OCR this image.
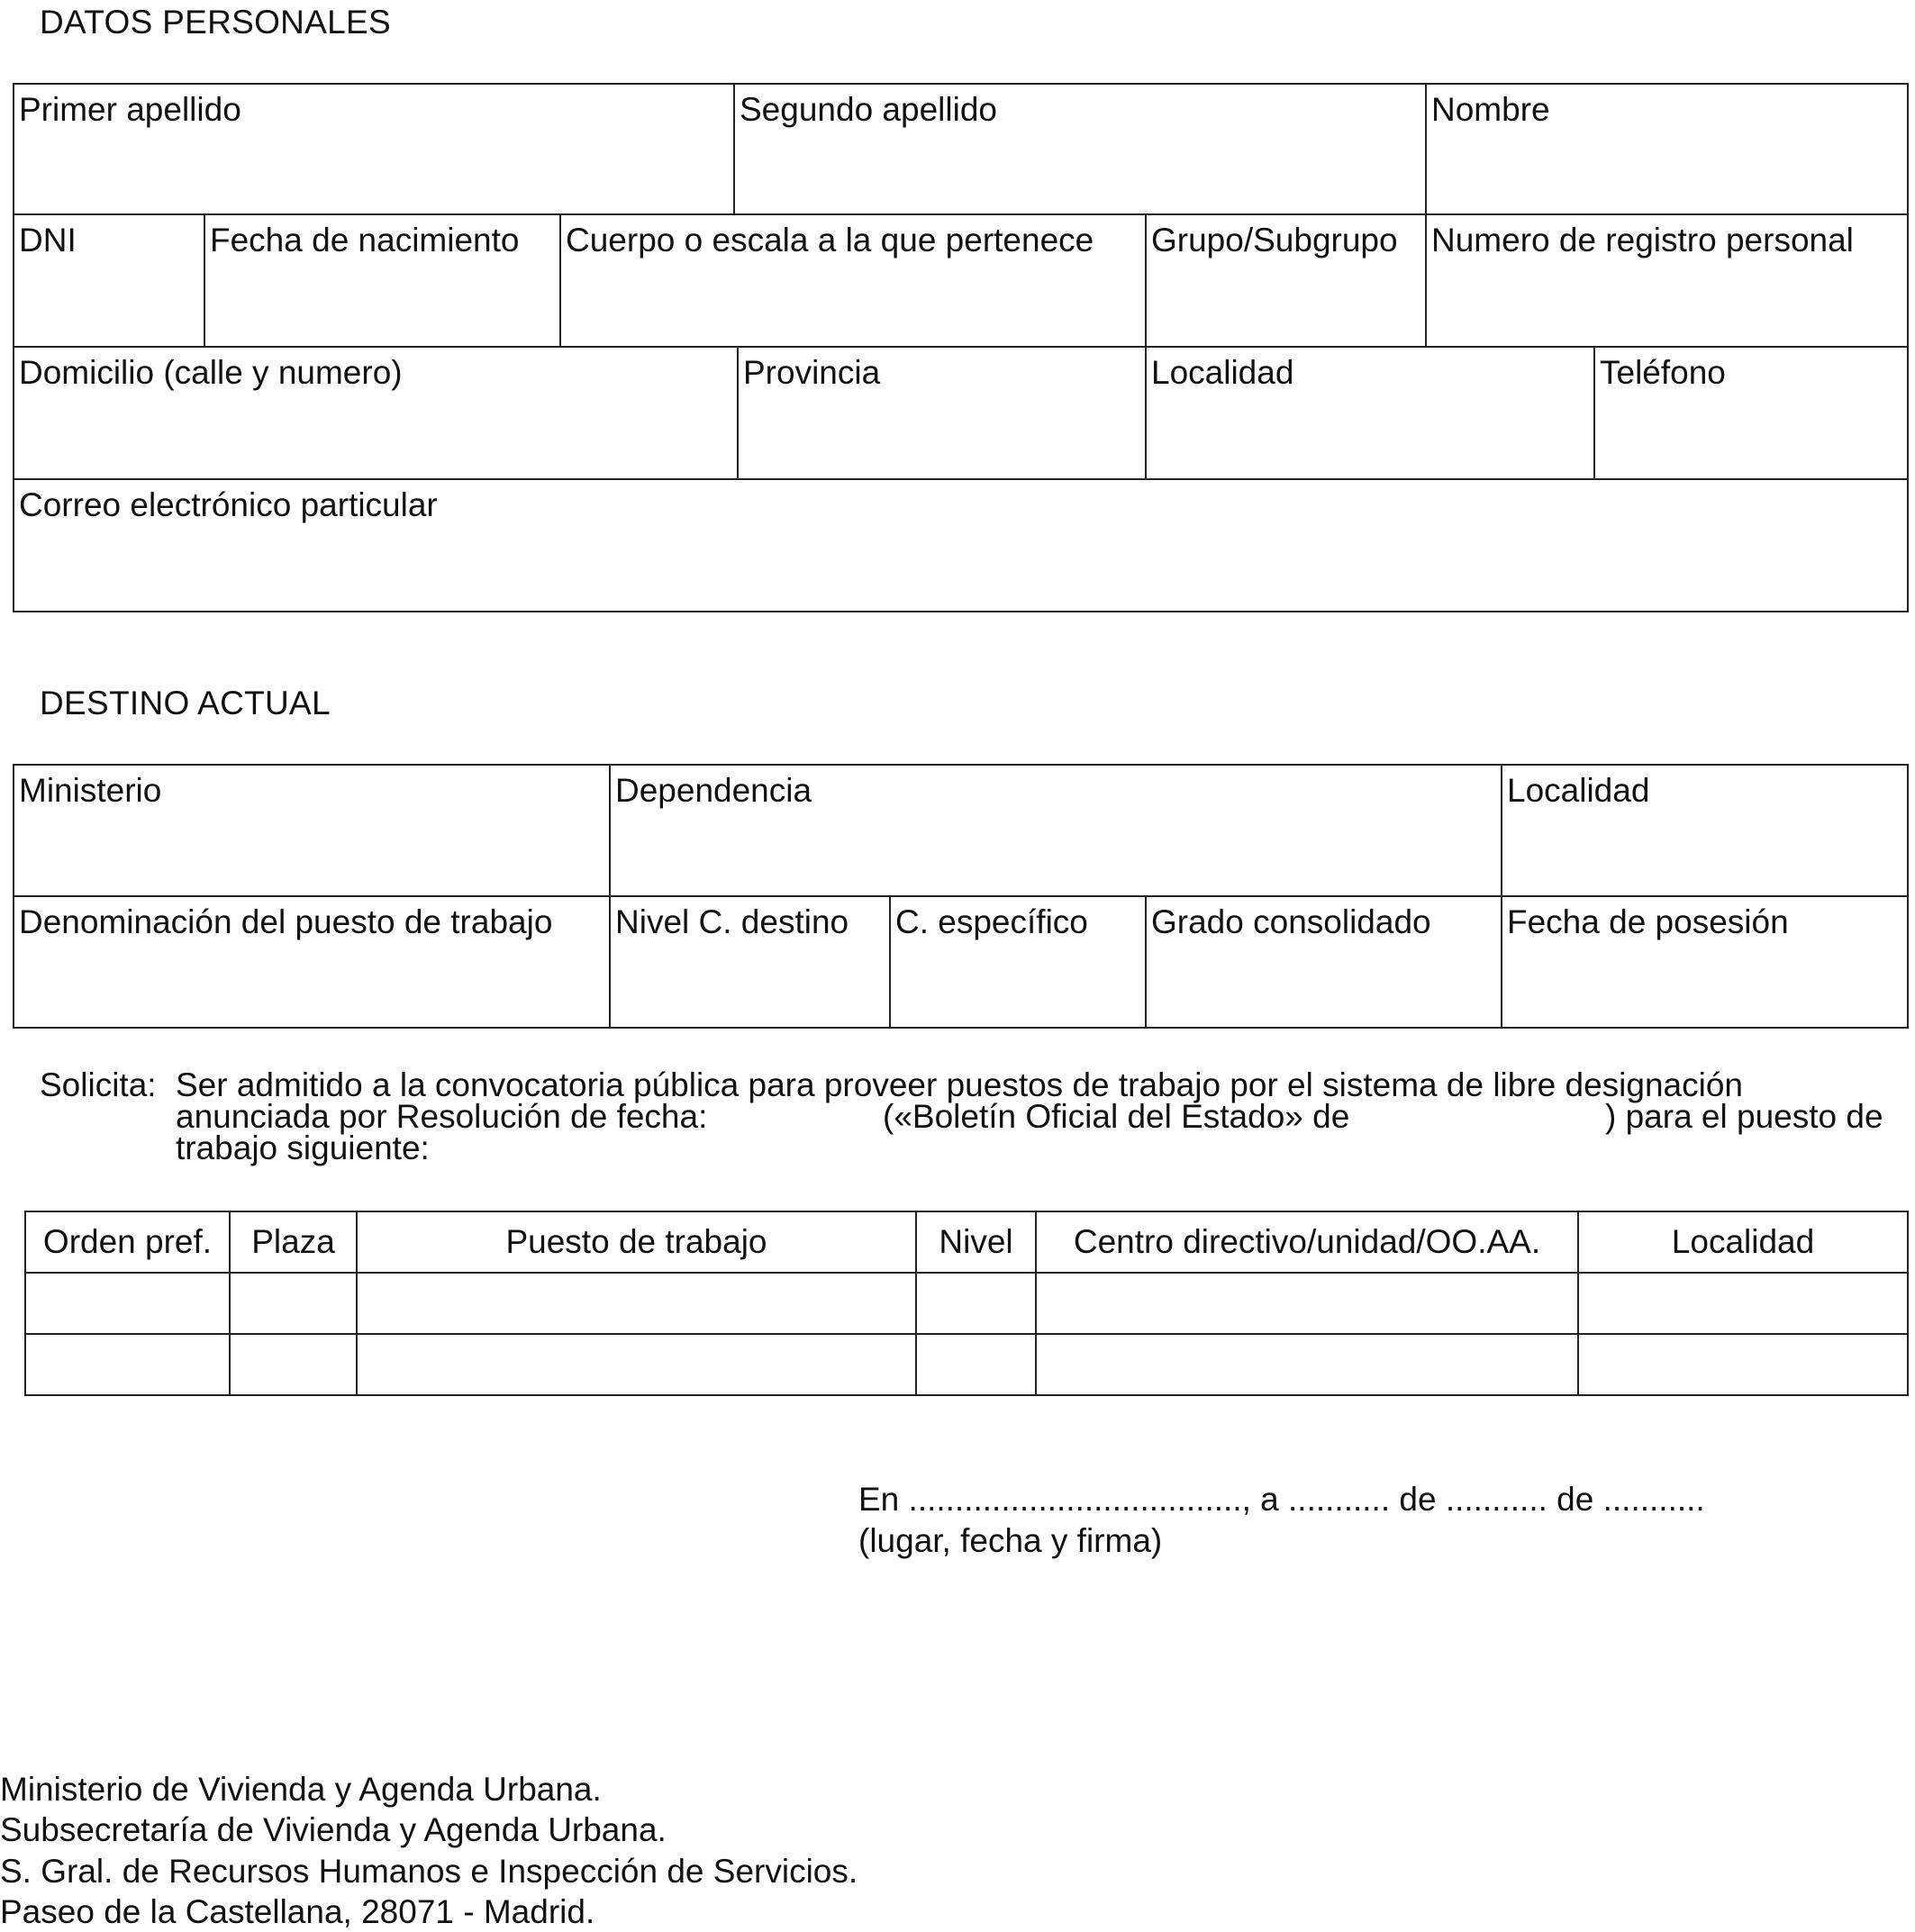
DATOS PERSONALES
Primer apellido	Segundo apellido	Nombre
DNI	Fecha de nacimiento	Cuerpo o escala a la que pertenece	Grupo/Subgrupo	Numero de registro personal
Domicilio (calle y numero)	Provincia	Localidad	Teléfono
Correo electrónico particular
DESTINO ACTUAL
Ministerio	Dependencia	Localidad
Denominación del puesto de trabajo	Nivel C. destino	C. específico	Grado consolidado	Fecha de posesión
Solicita: Ser admitido a la convocatoria pública para proveer puestos de trabajo por el sistema de libre designación
anunciada por Resolución de fecha:	(«Boletín Oficial del Estado» de	) para el puesto de
trabajo siguiente:
Orden pref.	Plaza	Puesto de trabajo	Nivel	Centro directivo/unidad/OO.AA.	Localidad
En ...................................., a ........... de ........... de ...........
(lugar, fecha y firma)
Ministerio de Vivienda y Agenda Urbana.
Subsecretaría de Vivienda y Agenda Urbana.
S. Gral. de Recursos Humanos e Inspección de Servicios.
Paseo de la Castellana, 28071 - Madrid.
